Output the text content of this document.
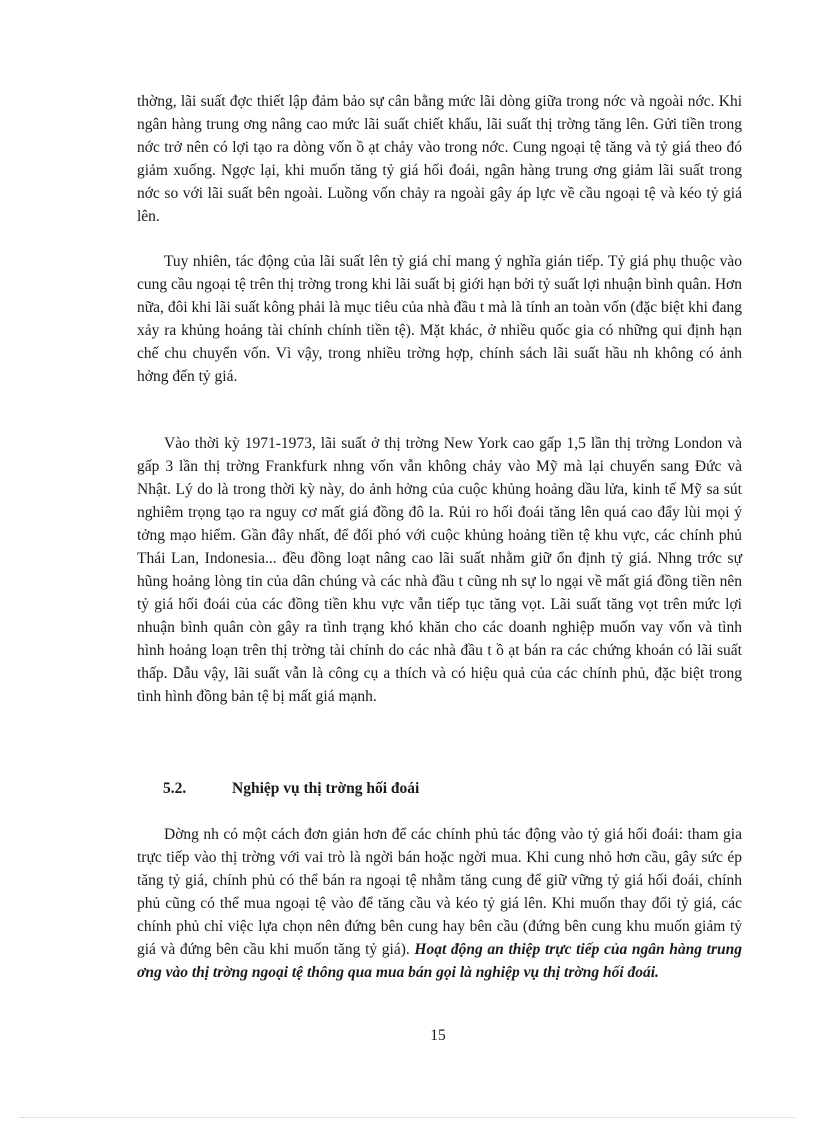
thờng, lãi suất đợc thiết lập đảm bảo sự cân bằng mức lãi dòng giữa trong nớc và ngoài nớc. Khi ngân hàng trung ơng nâng cao mức lãi suất chiết khấu, lãi suất thị trờng tăng lên. Gửi tiền trong nớc trở nên có lợi tạo ra dòng vốn ồ ạt chảy vào trong nớc. Cung ngoại tệ tăng và tỷ giá theo đó giảm xuống. Ngợc lại, khi muốn tăng tỷ giá hối đoái, ngân hàng trung ơng giảm lãi suất trong nớc so với lãi suất bên ngoài. Luồng vốn chảy ra ngoài gây áp lực về cầu ngoại tệ và kéo tỷ giá lên.

Tuy nhiên, tác động của lãi suất lên tỷ giá chỉ mang ý nghĩa gián tiếp. Tỷ giá phụ thuộc vào cung cầu ngoại tệ trên thị trờng trong khi lãi suất bị giới hạn bởi tỷ suất lợi nhuận bình quân. Hơn nữa, đôi khi lãi suất kông phải là mục tiêu của nhà đầu t mà là tính an toàn vốn (đặc biệt khi đang xảy ra khủng hoảng tài chính chính tiền tệ). Mặt khác, ở nhiều quốc gia có những qui định hạn chế chu chuyển vốn. Vì vậy, trong nhiều trờng hợp, chính sách lãi suất hầu nh không có ảnh hởng đến tỷ giá.

Vào thời kỳ 1971-1973, lãi suất ở thị trờng New York cao gấp 1,5 lần thị trờng London và gấp 3 lần thị trờng Frankfurk nhng vốn vẫn không chảy vào Mỹ mà lại chuyển sang Đức và Nhật. Lý do là trong thời kỳ này, do ảnh hởng của cuộc khủng hoảng dầu lửa, kinh tế Mỹ sa sút nghiêm trọng tạo ra nguy cơ mất giá đồng đô la. Rủi ro hối đoái tăng lên quá cao đẩy lùi mọi ý tởng mạo hiểm. Gần đây nhất, để đối phó với cuộc khủng hoảng tiền tệ khu vực, các chính phủ Thái Lan, Indonesia... đều đồng loạt nâng cao lãi suất nhằm giữ ổn định tỷ giá. Nhng trớc sự hũng hoảng lòng tin của dân chúng và các nhà đầu t cũng nh sự lo ngại về mất giá đồng tiền nên tỷ giá hối đoái của các đồng tiền khu vực vẫn tiếp tục tăng vọt. Lãi suất tăng vọt trên mức lợi nhuận bình quân còn gây ra tình trạng khó khăn cho các doanh nghiệp muốn vay vốn và tình hình hoảng loạn trên thị trờng tài chính do các nhà đầu t ồ ạt bán ra các chứng khoán có lãi suất thấp. Dẫu vậy, lãi suất vẫn là công cụ a thích và có hiệu quả của các chính phủ, đặc biệt trong tình hình đồng bản tệ bị mất giá mạnh.

5.2.	Nghiệp vụ thị trờng hối đoái

Dờng nh có một cách đơn giản hơn để các chính phủ tác động vào tỷ giá hối đoái: tham gia trực tiếp vào thị trờng với vai trò là ngời bán hoặc ngời mua. Khi cung nhỏ hơn cầu, gây sức ép tăng tỷ giá, chính phủ có thể bán ra ngoại tệ nhằm tăng cung để giữ vững tỷ giá hối đoái, chính phủ cũng có thể mua ngoại tệ vào để tăng cầu và kéo tỷ giá lên. Khi muốn thay đổi tỷ giá, các chính phủ chỉ việc lựa chọn nên đứng bên cung hay bên cầu (đứng bên cung khu muốn giảm tỷ giá và đứng bên cầu khi muốn tăng tỷ giá). Hoạt động an thiệp trực tiếp của ngân hàng trung ơng vào thị trờng ngoại tệ thông qua mua bán gọi là nghiệp vụ thị trờng hối đoái.

15
